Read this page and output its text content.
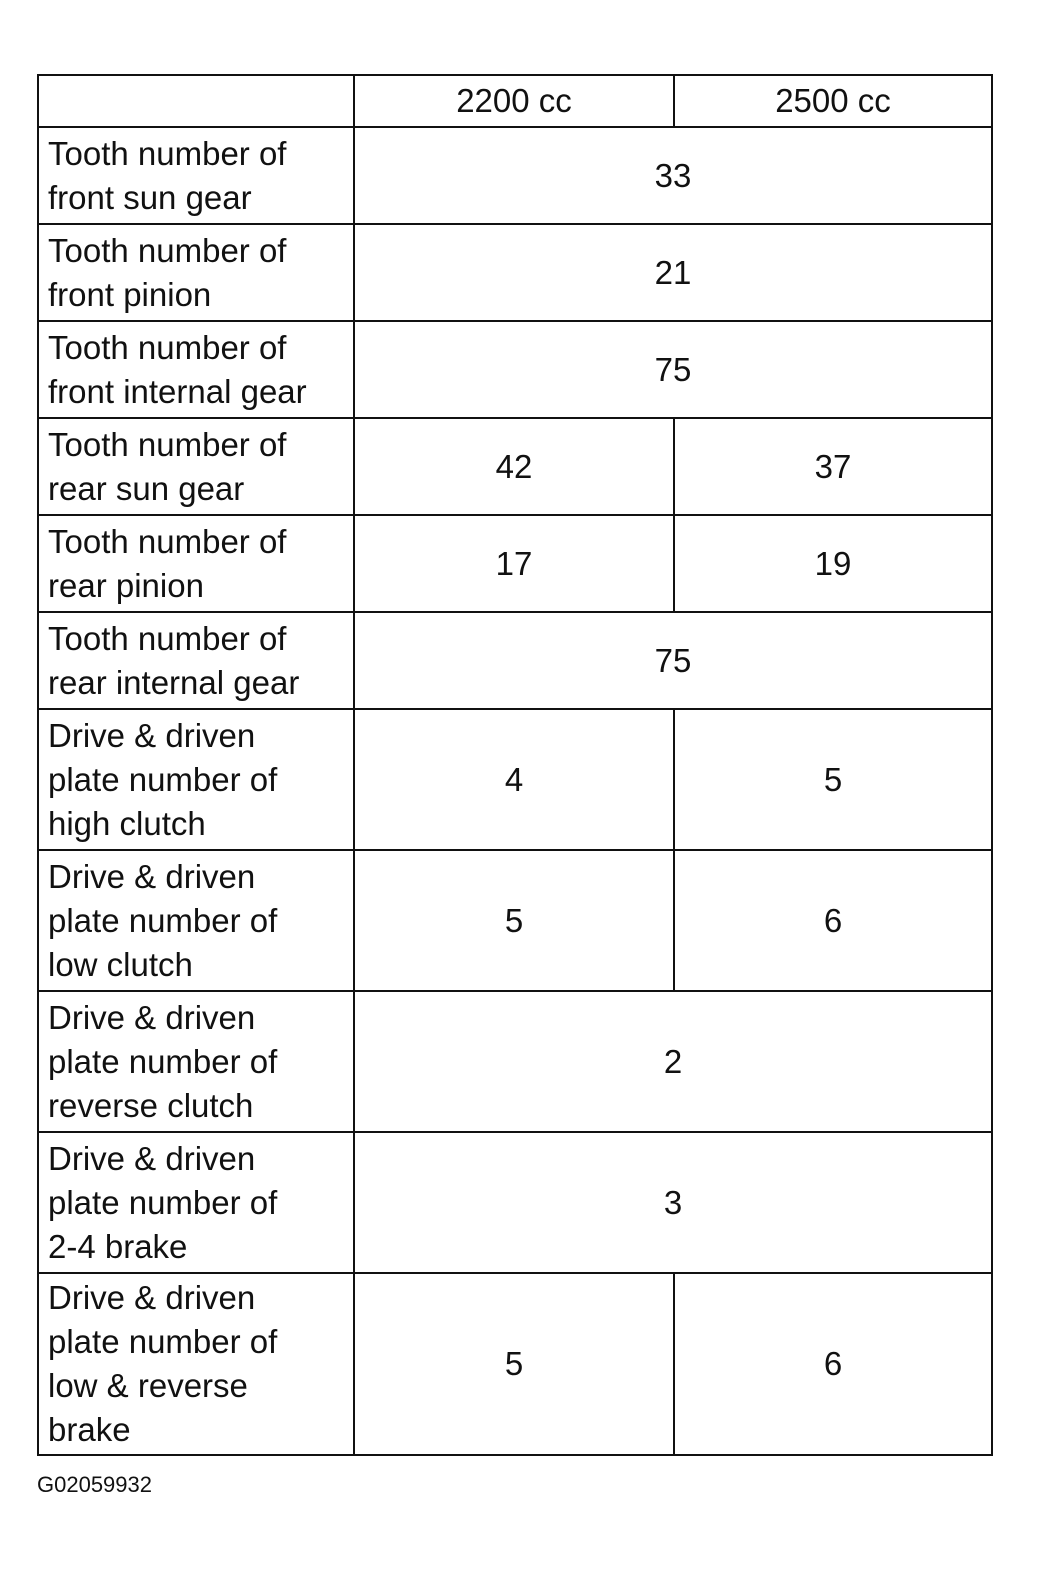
	2200 cc	2500 cc
Tooth number of
front sun gear	33	
Tooth number of
front pinion	21	
Tooth number of
front internal gear	75	
Tooth number of
rear sun gear	42	37
Tooth number of
rear pinion	17	19
Tooth number of
rear internal gear	75	
Drive & driven
plate number of
high clutch	4	5
Drive & driven
plate number of
low clutch	5	6
Drive & driven
plate number of
reverse clutch	2	
Drive & driven
plate number of
2-4 brake	3	
Drive & driven
plate number of
low & reverse
brake	5	6
G02059932
